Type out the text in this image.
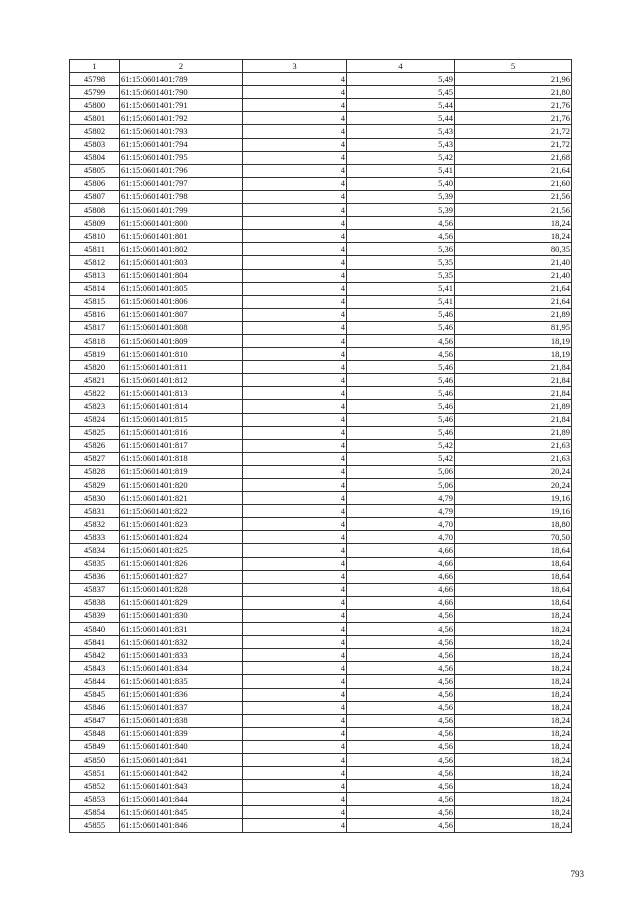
1	2	3	4	5
45798	61:15:0601401:789	4	5,49	21,96
45799	61:15:0601401:790	4	5,45	21,80
45800	61:15:0601401:791	4	5,44	21,76
45801	61:15:0601401:792	4	5,44	21,76
45802	61:15:0601401:793	4	5,43	21,72
45803	61:15:0601401:794	4	5,43	21,72
45804	61:15:0601401:795	4	5,42	21,68
45805	61:15:0601401:796	4	5,41	21,64
45806	61:15:0601401:797	4	5,40	21,60
45807	61:15:0601401:798	4	5,39	21,56
45808	61:15:0601401:799	4	5,39	21,56
45809	61:15:0601401:800	4	4,56	18,24
45810	61:15:0601401:801	4	4,56	18,24
45811	61:15:0601401:802	4	5,36	80,35
45812	61:15:0601401:803	4	5,35	21,40
45813	61:15:0601401:804	4	5,35	21,40
45814	61:15:0601401:805	4	5,41	21,64
45815	61:15:0601401:806	4	5,41	21,64
45816	61:15:0601401:807	4	5,46	21,89
45817	61:15:0601401:808	4	5,46	81,95
45818	61:15:0601401:809	4	4,56	18,19
45819	61:15:0601401:810	4	4,56	18,19
45820	61:15:0601401:811	4	5,46	21,84
45821	61:15:0601401:812	4	5,46	21,84
45822	61:15:0601401:813	4	5,46	21,84
45823	61:15:0601401:814	4	5,46	21,89
45824	61:15:0601401:815	4	5,46	21,84
45825	61:15:0601401:816	4	5,46	21,89
45826	61:15:0601401:817	4	5,42	21,63
45827	61:15:0601401:818	4	5,42	21,63
45828	61:15:0601401:819	4	5,06	20,24
45829	61:15:0601401:820	4	5,06	20,24
45830	61:15:0601401:821	4	4,79	19,16
45831	61:15:0601401:822	4	4,79	19,16
45832	61:15:0601401:823	4	4,70	18,80
45833	61:15:0601401:824	4	4,70	70,50
45834	61:15:0601401:825	4	4,66	18,64
45835	61:15:0601401:826	4	4,66	18,64
45836	61:15:0601401:827	4	4,66	18,64
45837	61:15:0601401:828	4	4,66	18,64
45838	61:15:0601401:829	4	4,66	18,64
45839	61:15:0601401:830	4	4,56	18,24
45840	61:15:0601401:831	4	4,56	18,24
45841	61:15:0601401:832	4	4,56	18,24
45842	61:15:0601401:833	4	4,56	18,24
45843	61:15:0601401:834	4	4,56	18,24
45844	61:15:0601401:835	4	4,56	18,24
45845	61:15:0601401:836	4	4,56	18,24
45846	61:15:0601401:837	4	4,56	18,24
45847	61:15:0601401:838	4	4,56	18,24
45848	61:15:0601401:839	4	4,56	18,24
45849	61:15:0601401:840	4	4,56	18,24
45850	61:15:0601401:841	4	4,56	18,24
45851	61:15:0601401:842	4	4,56	18,24
45852	61:15:0601401:843	4	4,56	18,24
45853	61:15:0601401:844	4	4,56	18,24
45854	61:15:0601401:845	4	4,56	18,24
45855	61:15:0601401:846	4	4,56	18,24
793
